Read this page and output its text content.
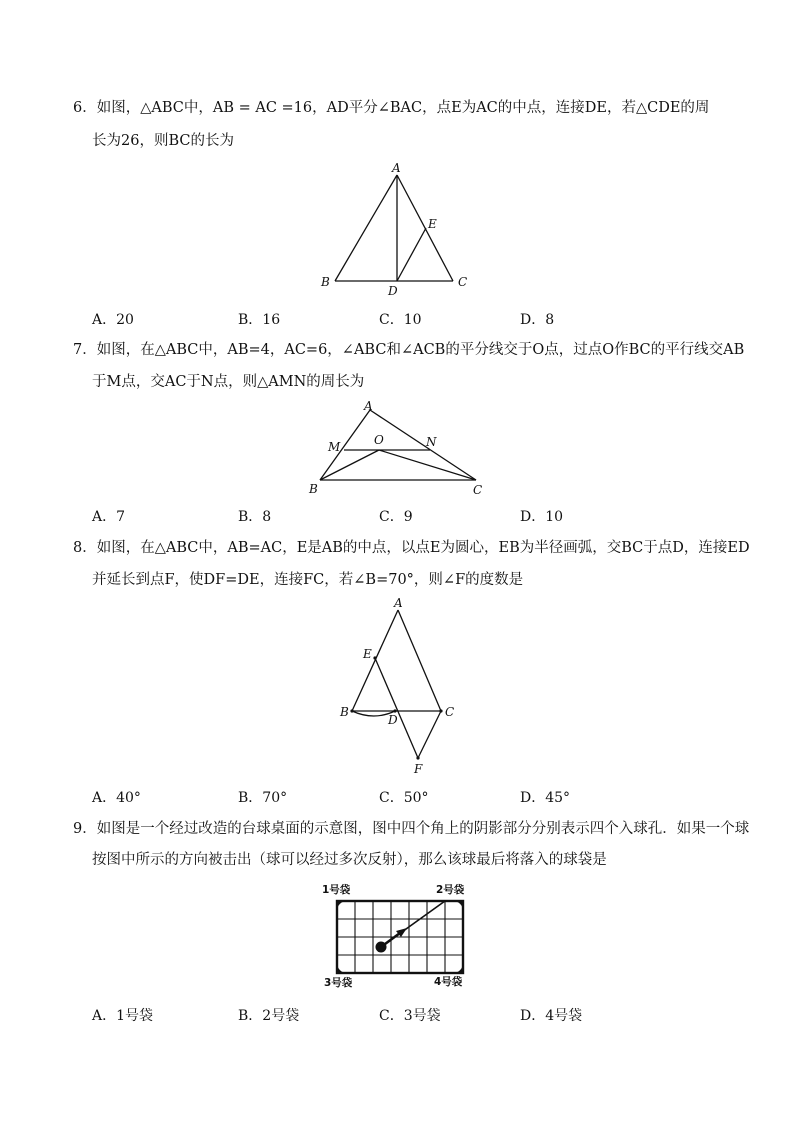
6．如图，△ABC中，AB = AC =16，AD平分∠BAC，点E为AC的中点，连接DE，若△CDE的周
长为26，则BC的长为
A
B	C
D
E
A．20	B．16	C．10	D．8
7．如图，在△ABC中，AB=4，AC=6，∠ABC和∠ACB的平分线交于O点，过点O作BC的平行线交AB
于M点，交AC于N点，则△AMN的周长为
A
M	O	N
B	C
A．7	B．8	C．9	D．10
8．如图，在△ABC中，AB=AC，E是AB的中点，以点E为圆心，EB为半径画弧，交BC于点D，连接ED
并延长到点F，使DF=DE，连接FC，若∠B=70°，则∠F的度数是
A
E
B
D
C
F
A．40°	B．70°	C．50°	D．45°
9．如图是一个经过改造的台球桌面的示意图，图中四个角上的阴影部分分别表示四个入球孔．如果一个球
按图中所示的方向被击出（球可以经过多次反射），那么该球最后将落入的球袋是
1号袋	2号袋
3号袋	4号袋
A．1号袋	B．2号袋	C．3号袋	D．4号袋
